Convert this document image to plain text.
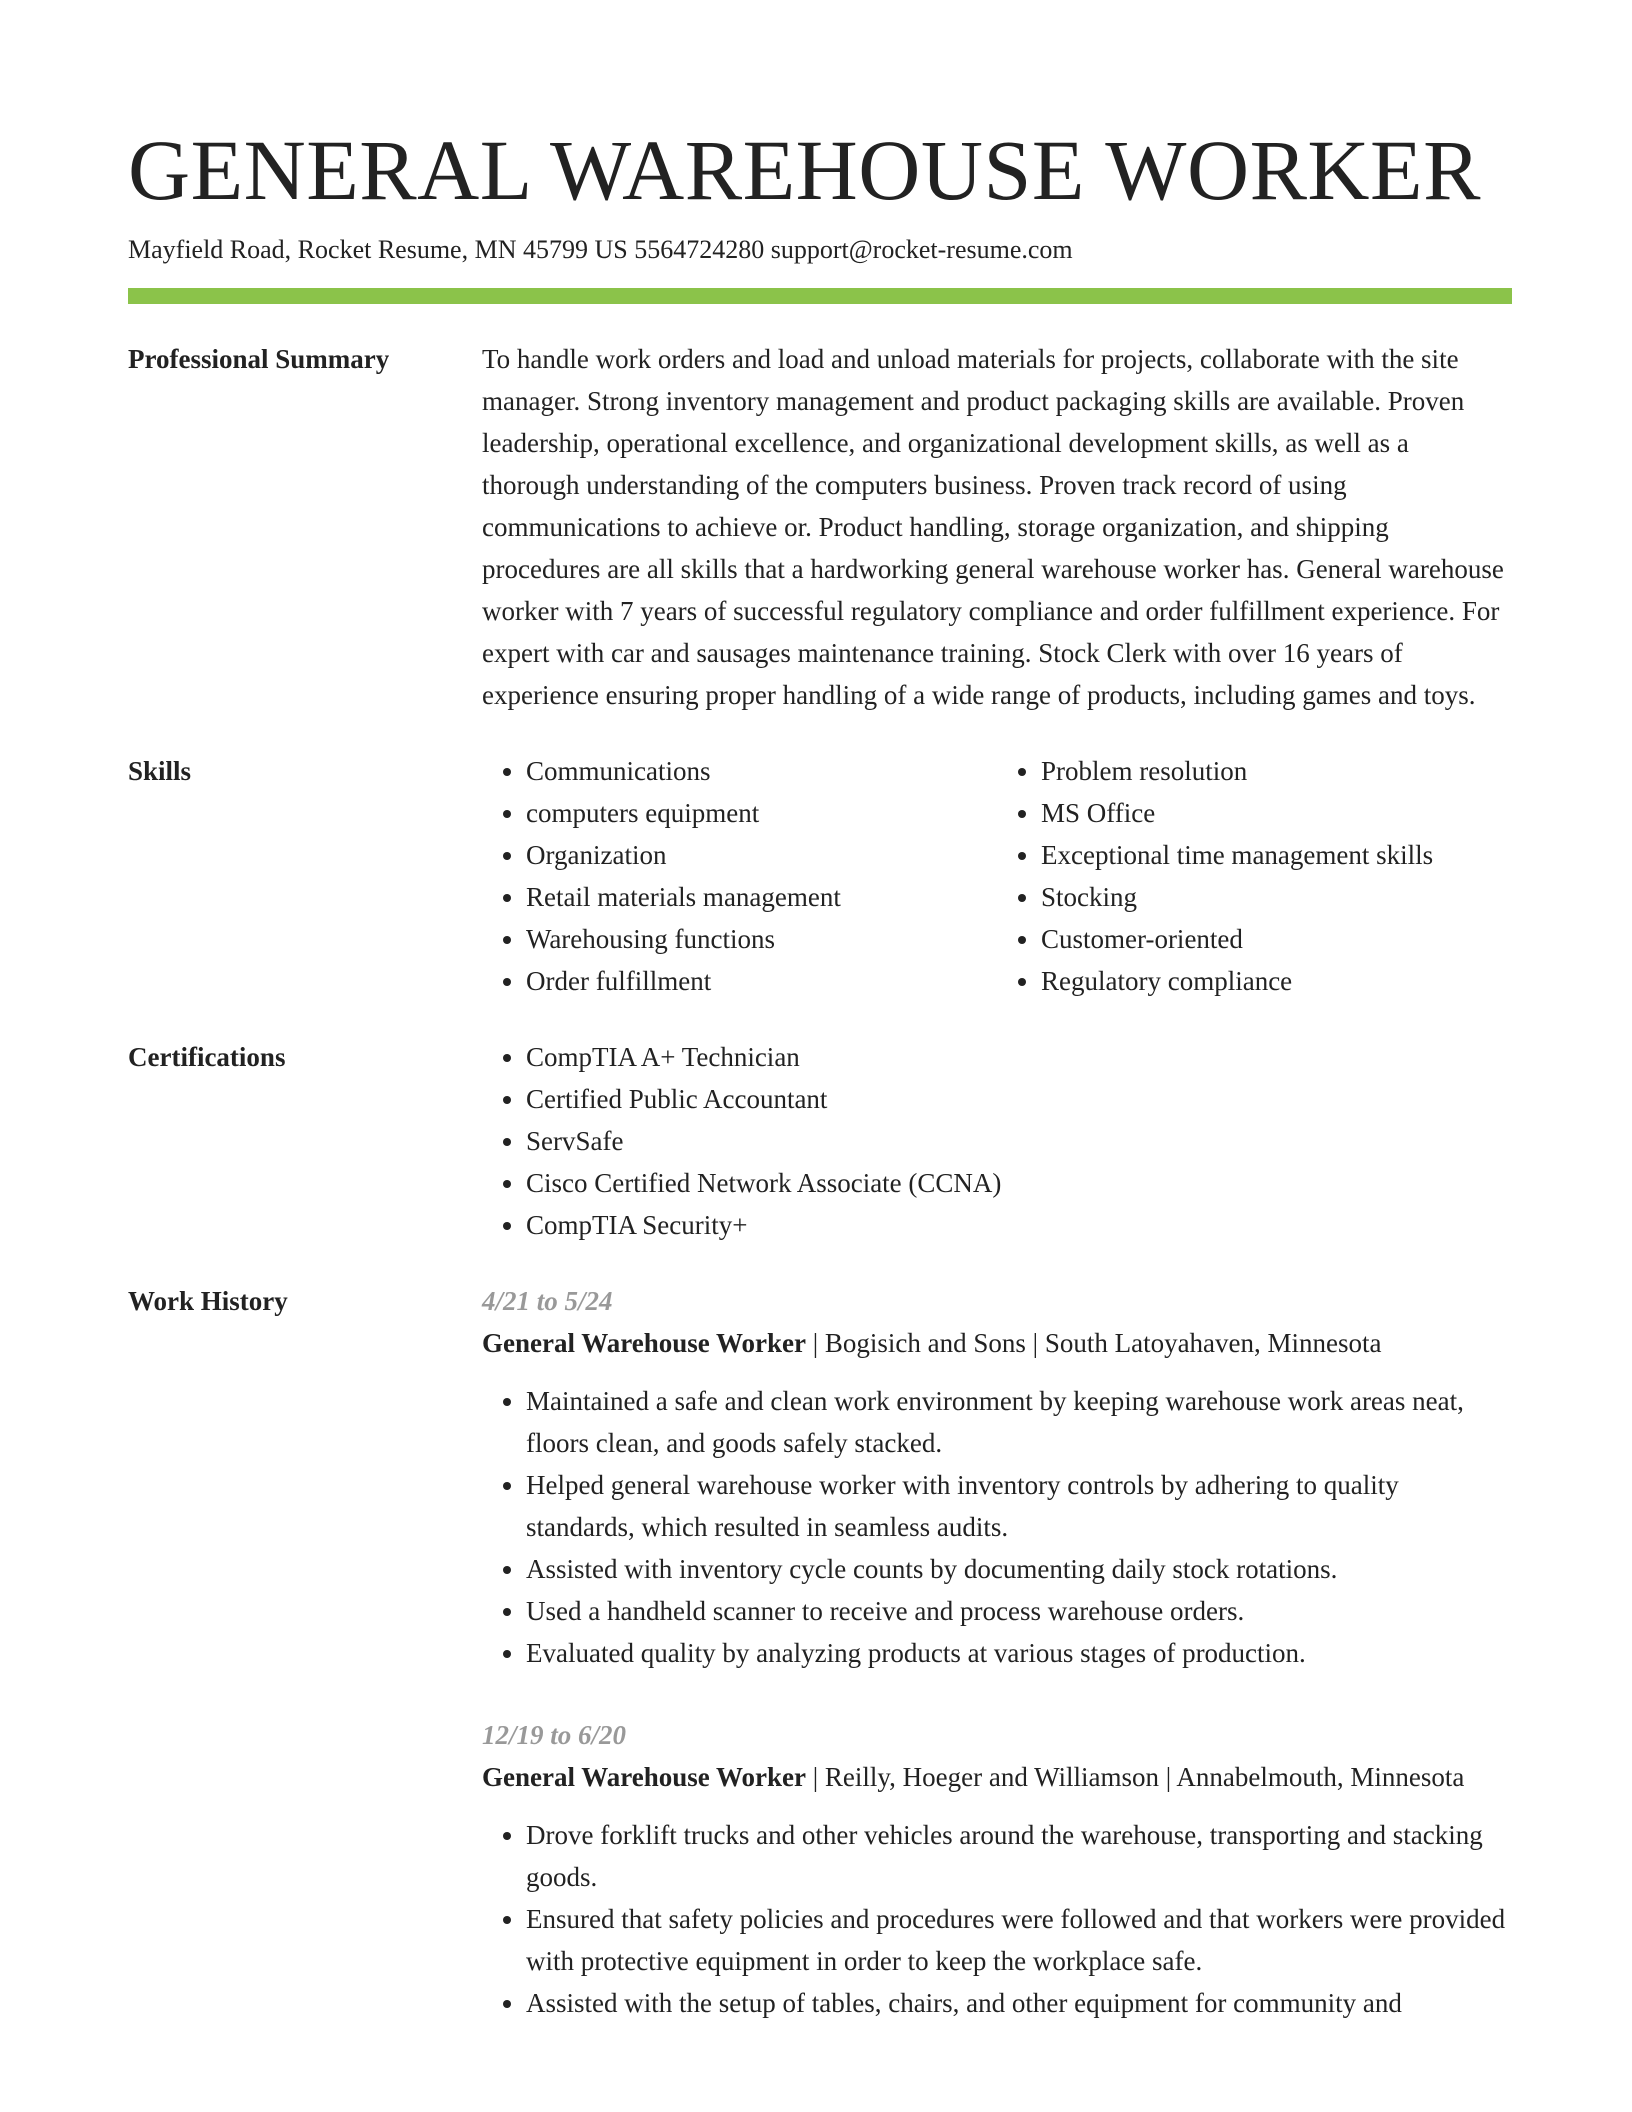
GENERAL WAREHOUSE WORKER
Mayfield Road, Rocket Resume, MN 45799 US 5564724280 support@rocket-resume.com
Professional Summary	To handle work orders and load and unload materials for projects, collaborate with the site manager. Strong inventory management and product packaging skills are available. Proven leadership, operational excellence, and organizational development skills, as well as a thorough understanding of the computers business. Proven track record of using communications to achieve or. Product handling, storage organization, and shipping procedures are all skills that a hardworking general warehouse worker has. General warehouse worker with 7 years of successful regulatory compliance and order fulfillment experience. For expert with car and sausages maintenance training. Stock Clerk with over 16 years of experience ensuring proper handling of a wide range of products, including games and toys.

Skills	• Communications
• computers equipment
• Organization
• Retail materials management
• Warehousing functions
• Order fulfillment
• Problem resolution
• MS Office
• Exceptional time management skills
• Stocking
• Customer-oriented
• Regulatory compliance
Certifications	• CompTIA A+ Technician
• Certified Public Accountant
• ServSafe
• Cisco Certified Network Associate (CCNA)
• CompTIA Security+
Work History	4/21 to 5/24
General Warehouse Worker | Bogisich and Sons | South Latoyahaven, Minnesota
• Maintained a safe and clean work environment by keeping warehouse work areas neat, floors clean, and goods safely stacked.
• Helped general warehouse worker with inventory controls by adhering to quality standards, which resulted in seamless audits.
• Assisted with inventory cycle counts by documenting daily stock rotations.
• Used a handheld scanner to receive and process warehouse orders.
• Evaluated quality by analyzing products at various stages of production.
12/19 to 6/20
General Warehouse Worker | Reilly, Hoeger and Williamson | Annabelmouth, Minnesota
• Drove forklift trucks and other vehicles around the warehouse, transporting and stacking goods.
• Ensured that safety policies and procedures were followed and that workers were provided with protective equipment in order to keep the workplace safe.
• Assisted with the setup of tables, chairs, and other equipment for community and
